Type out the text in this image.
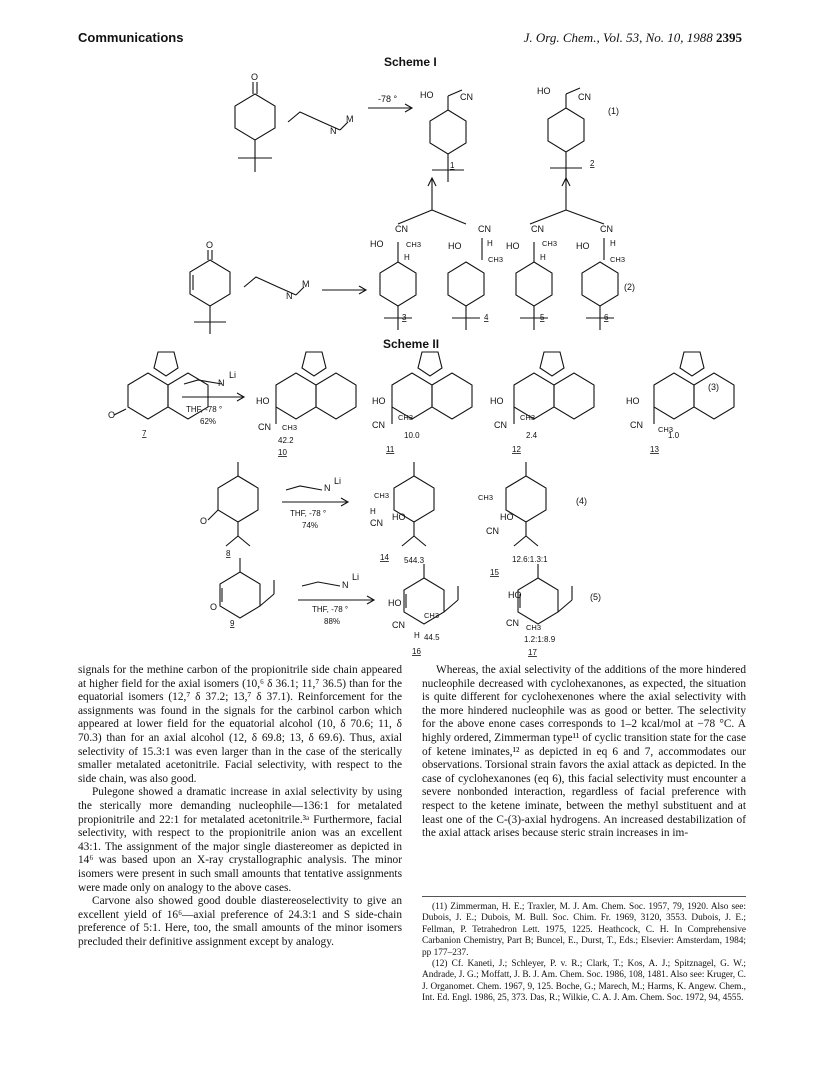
Communications	J. Org. Chem., Vol. 53, No. 10, 1988 2395
Scheme I
Scheme II
O
N
M
-78 °	HO	CN
1
HO
CN
2
(1)
O
N
M
CN
HO	CH3
H
3
CN
HO	H
CH3
4
CN
HO	CH3
H
5
CN
HO	H
CH3
6
(2)
O
7
N
Li
THF, -78 °
62%
HO
CN CH3
42.2
10
HO
CN
CH3
10.0
11
HO
CN
CH3
2.4
12
HO
CN CH3
1.0
13
(3)
O
8
N
Li
THF, -78 °
74%
CH3
H
CN
HO
544.3
14
CH3
CN
HO
12.6:1.3:1
15
(4)
O
9
N
Li
THF, -78 °
88%
HO
CN
CH3
H 44.5
16
HO
CN CH3
1.2:1:8.9
17
(5)

signals for the methine carbon of the propionitrile side chain appeared at higher field for the axial isomers (10,⁶ δ 36.1; 11,⁷ 36.5) than for the equatorial isomers (12,⁷ δ 37.2; 13,⁷ δ 37.1). Reinforcement for the assignments was found in the signals for the carbinol carbon which appeared at lower field for the equatorial alcohol (10, δ 70.6; 11, δ 70.3) than for an axial alcohol (12, δ 69.8; 13, δ 69.6). Thus, axial selectivity of 15.3:1 was even larger than in the case of the sterically smaller metalated acetonitrile. Facial selectivity, with respect to the side chain, was also good.

Pulegone showed a dramatic increase in axial selectivity by using the sterically more demanding nucleophile—136:1 for metalated propionitrile and 22:1 for metalated acetonitrile.³ᵃ Furthermore, facial selectivity, with respect to the propionitrile anion was an excellent 43:1. The assignment of the major single diastereomer as depicted in 14⁶ was based upon an X-ray crystallographic analysis. The minor isomers were present in such small amounts that tentative assignments were made only on analogy to the above cases.

Carvone also showed good double diastereoselectivity to give an excellent yield of 16⁶—axial preference of 24.3:1 and S side-chain preference of 5:1. Here, too, the small amounts of the minor isomers precluded their definitive assignment except by analogy.

Whereas, the axial selectivity of the additions of the more hindered nucleophile decreased with cyclohexanones, as expected, the situation is quite different for cyclohexenones where the axial selectivity with the more hindered nucleophile was as good or better. The selectivity for the above enone cases corresponds to 1–2 kcal/mol at −78 °C. A highly ordered, Zimmerman type¹¹ of cyclic transition state for the case of ketene iminates,¹² as depicted in eq 6 and 7, accommodates our observations. Torsional strain favors the axial attack as depicted. In the case of cyclohexanones (eq 6), this facial selectivity must encounter a severe nonbonded interaction, regardless of facial preference with respect to the ketene iminate, between the methyl substituent and at least one of the C-(3)-axial hydrogens. An increased destabilization of the axial attack arises because steric strain increases in im-

(11) Zimmerman, H. E.; Traxler, M. J. Am. Chem. Soc. 1957, 79, 1920. Also see: Dubois, J. E.; Dubois, M. Bull. Soc. Chim. Fr. 1969, 3120, 3553. Dubois, J. E.; Fellman, P. Tetrahedron Lett. 1975, 1225. Heathcock, C. H. In Comprehensive Carbanion Chemistry, Part B; Buncel, E., Durst, T., Eds.; Elsevier: Amsterdam, 1984; pp 177–237.

(12) Cf. Kaneti, J.; Schleyer, P. v. R.; Clark, T.; Kos, A. J.; Spitznagel, G. W.; Andrade, J. G.; Moffatt, J. B. J. Am. Chem. Soc. 1986, 108, 1481. Also see: Kruger, C. J. Organomet. Chem. 1967, 9, 125. Boche, G.; Marech, M.; Harms, K. Angew. Chem., Int. Ed. Engl. 1986, 25, 373. Das, R.; Wilkie, C. A. J. Am. Chem. Soc. 1972, 94, 4555.
